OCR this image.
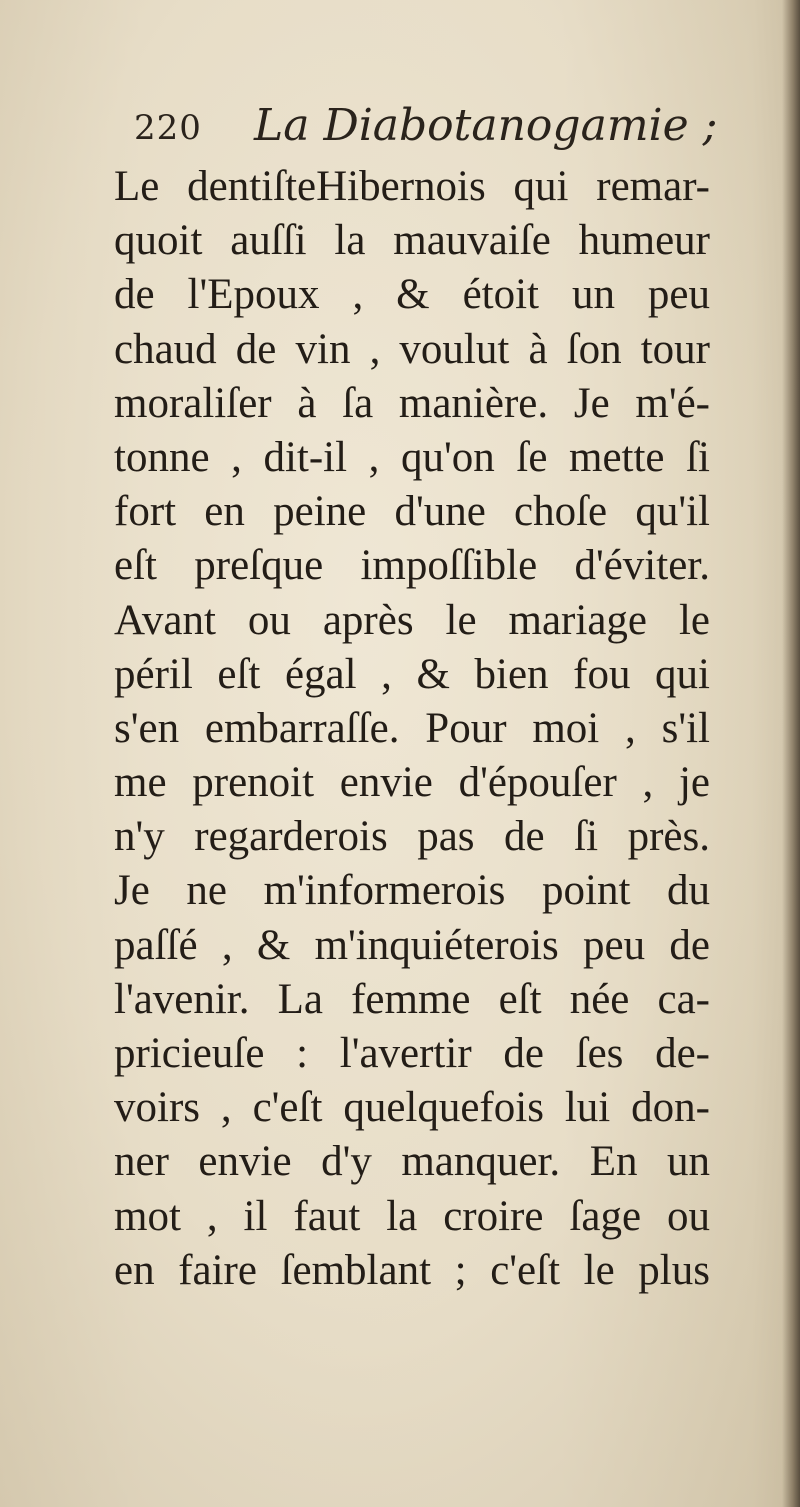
220 La Diabotanogamie ;
Le dentiſteHibernois qui remar-
quoit auſſi la mauvaiſe humeur
de l'Epoux , & étoit un peu
chaud de vin , voulut à ſon tour
moraliſer à ſa manière. Je m'é-
tonne , dit-il , qu'on ſe mette ſi
fort en peine d'une choſe qu'il
eſt preſque impoſſible d'éviter.
Avant ou après le mariage le
péril eſt égal , & bien fou qui
s'en embarraſſe. Pour moi , s'il
me prenoit envie d'épouſer , je
n'y regarderois pas de ſi près.
Je ne m'informerois point du
paſſé , & m'inquiéterois peu de
l'avenir. La femme eſt née ca-
pricieuſe : l'avertir de ſes de-
voirs , c'eſt quelquefois lui don-
ner envie d'y manquer. En un
mot , il faut la croire ſage ou
en faire ſemblant ; c'eſt le plus
